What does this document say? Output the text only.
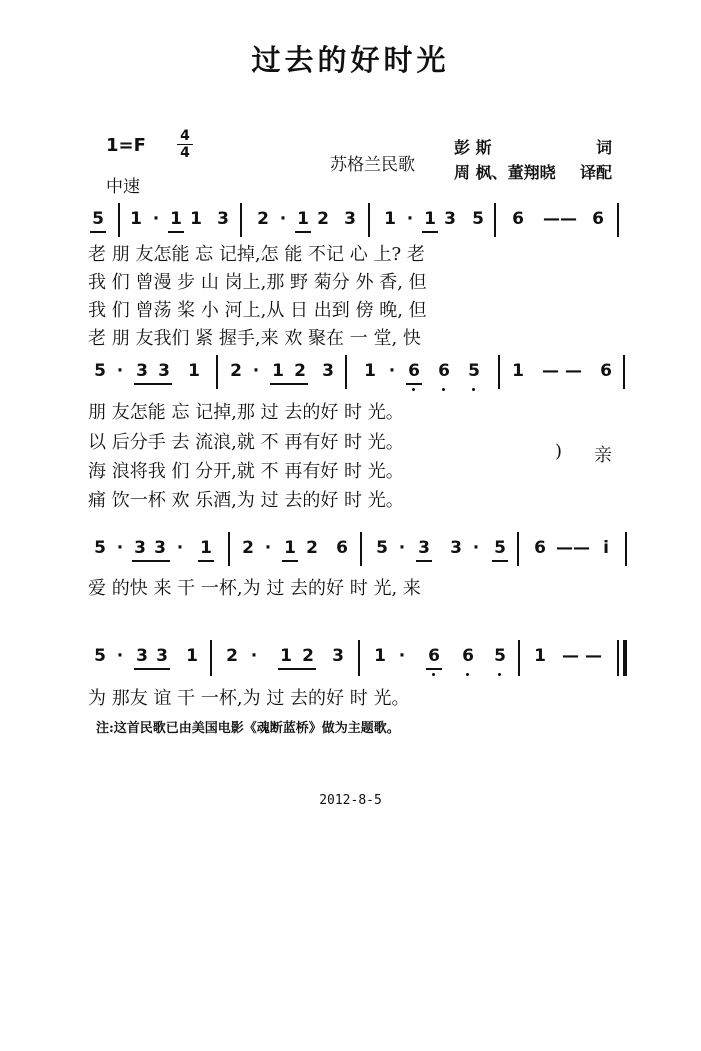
过去的好时光
$1=F \frac{4}{4}$
中速
苏格兰民歌
彭 斯	词
周 枫、董翔晓 译配
5 1 · 1 1 3 2 · 1 2 3 1 · 1 3 5 6	—— 6
老 朋 友怎能 忘 记掉,怎 能 不记 心 上? 老
我 们 曾漫 步 山 岗上,那 野 菊分 外 香, 但
我 们 曾荡 桨 小 河上,从 日 出到 傍 晚, 但
老 朋 友我们 紧 握手,来 欢 聚在 一 堂, 快
5 · 3 3 1 2 · 1 2 3 1 · 6 6 5 1	— —	6
朋 友怎能 忘 记掉,那 过 去的好 时 光。
以 后分手 去 流浪,就 不 再有好 时 光。
海 浪将我 们 分开,就 不 再有好 时 光。
痛 饮一杯 欢 乐酒,为 过 去的好 时 光。
) 亲
5 · 3 3 · 1 2 · 1 2 6 5 · 3 3 · 5 6 —— i
爱 的快 来 干 一杯,为 过 去的好 时 光, 来
5 · 3 3 1 2 · 1 2 3 1 · 6 6 5 1 — —
为 那友 谊 干 一杯,为 过 去的好 时 光。
注:这首民歌已由美国电影《魂断蓝桥》做为主题歌。
2012-8-5
